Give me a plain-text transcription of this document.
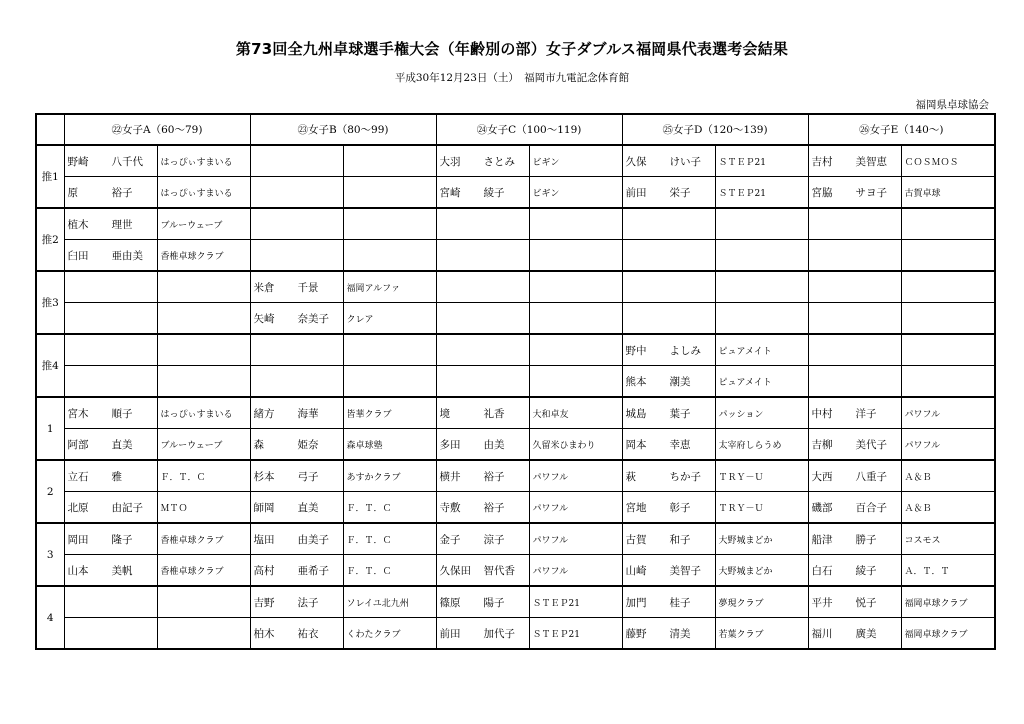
第73回全九州卓球選手権大会（年齢別の部）女子ダブルス福岡県代表選考会結果
平成30年12月23日（土）　福岡市九電記念体育館
福岡県卓球協会
	㉒女子A（60〜79)		㉓女子B（80〜99)		㉔女子C（100〜119)		㉕女子D（120〜139)		㉖女子E（140〜)	
推1	野崎 八千代	はっぴぃすまいる			大羽 さとみ	ビギン	久保 けい子	ＳＴＥＰ21	吉村 美智恵	ＣＯＳＭＯＳ
	原 裕子	はっぴぃすまいる			宮崎 綾子	ビギン	前田 栄子	ＳＴＥＰ21	宮脇 サヨ子	古賀卓球
推2	植木 理世	ブルーウェーブ								
	臼田 亜由美	香椎卓球クラブ								
推3			米倉 千景	福岡アルファ						
			矢崎 奈美子	クレア						
推4							野中 よしみ	ピュアメイト		
							熊本 潮美	ピュアメイト		
1	宮木 順子	はっぴぃすまいる	緒方 海華	皆華クラブ	境 礼香	大和卓友	城島 葉子	パッション	中村 洋子	パワフル
	阿部 直美	ブルーウェーブ	森 姫奈	森卓球塾	多田 由美	久留米ひまわり	岡本 幸恵	太宰府しらうめ	吉柳 美代子	パワフル
2	立石 雅	Ｆ．Ｔ．Ｃ	杉本 弓子	あすかクラブ	横井 裕子	パワフル	萩 ちか子	ＴＲＹ－Ｕ	大西 八重子	Ａ＆Ｂ
	北原 由記子	ＭＴＯ	師岡 直美	Ｆ．Ｔ．Ｃ	寺敷 裕子	パワフル	宮地 彰子	ＴＲＹ－Ｕ	磯部 百合子	Ａ＆Ｂ
3	岡田 隆子	香椎卓球クラブ	塩田 由美子	Ｆ．Ｔ．Ｃ	金子 涼子	パワフル	古賀 和子	大野城まどか	船津 勝子	コスモス
	山本 美帆	香椎卓球クラブ	高村 亜希子	Ｆ．Ｔ．Ｃ	久保田 智代香	パワフル	山崎 美智子	大野城まどか	白石 綾子	Ａ．Ｔ．Ｔ
4			吉野 法子	ソレイユ北九州	篠原 陽子	ＳＴＥＰ21	加門 桂子	夢現クラブ	平井 悦子	福岡卓球クラブ
			柏木 祐衣	くわたクラブ	前田 加代子	ＳＴＥＰ21	藤野 清美	若葉クラブ	福川 廣美	福岡卓球クラブ
